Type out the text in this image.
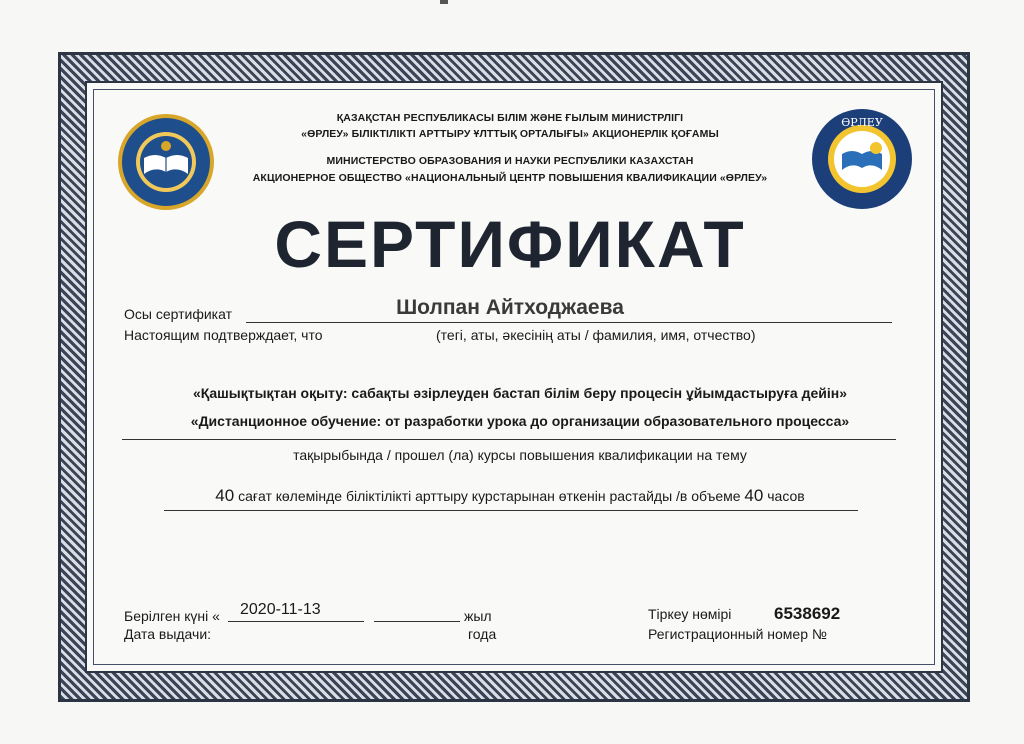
ӨРЛЕУ
ҚАЗАҚСТАН РЕСПУБЛИКАСЫ БІЛІМ ЖӘНЕ ҒЫЛЫМ МИНИСТРЛІГІ
«ӨРЛЕУ» БІЛІКТІЛІКТІ АРТТЫРУ ҰЛТТЫҚ ОРТАЛЫҒЫ» АКЦИОНЕРЛІК ҚОҒАМЫ
МИНИСТЕРСТВО ОБРАЗОВАНИЯ И НАУКИ РЕСПУБЛИКИ КАЗАХСТАН
АКЦИОНЕРНОЕ ОБЩЕСТВО «НАЦИОНАЛЬНЫЙ ЦЕНТР ПОВЫШЕНИЯ КВАЛИФИКАЦИИ «ӨРЛЕУ»
СЕРТИФИКАТ
Осы сертификат	Шолпан Айтходжаева
Настоящим подтверждает, что	(тегі, аты, әкесінің аты / фамилия, имя, отчество)
«Қашықтықтан оқыту: сабақты әзірлеуден бастап білім беру процесін ұйымдастыруға дейін»
«Дистанционное обучение: от разработки урока до организации образовательного процесса»
тақырыбында / прошел (ла) курсы повышения квалификации на тему
40 сағат көлемінде біліктілікті арттыру курстарынан өткенін растайды /в объеме 40 часов
Берілген күні « 2020-11-13	жыл
Дата выдачи:	года
Тіркеу нөмірі	6538692
Регистрационный номер №
